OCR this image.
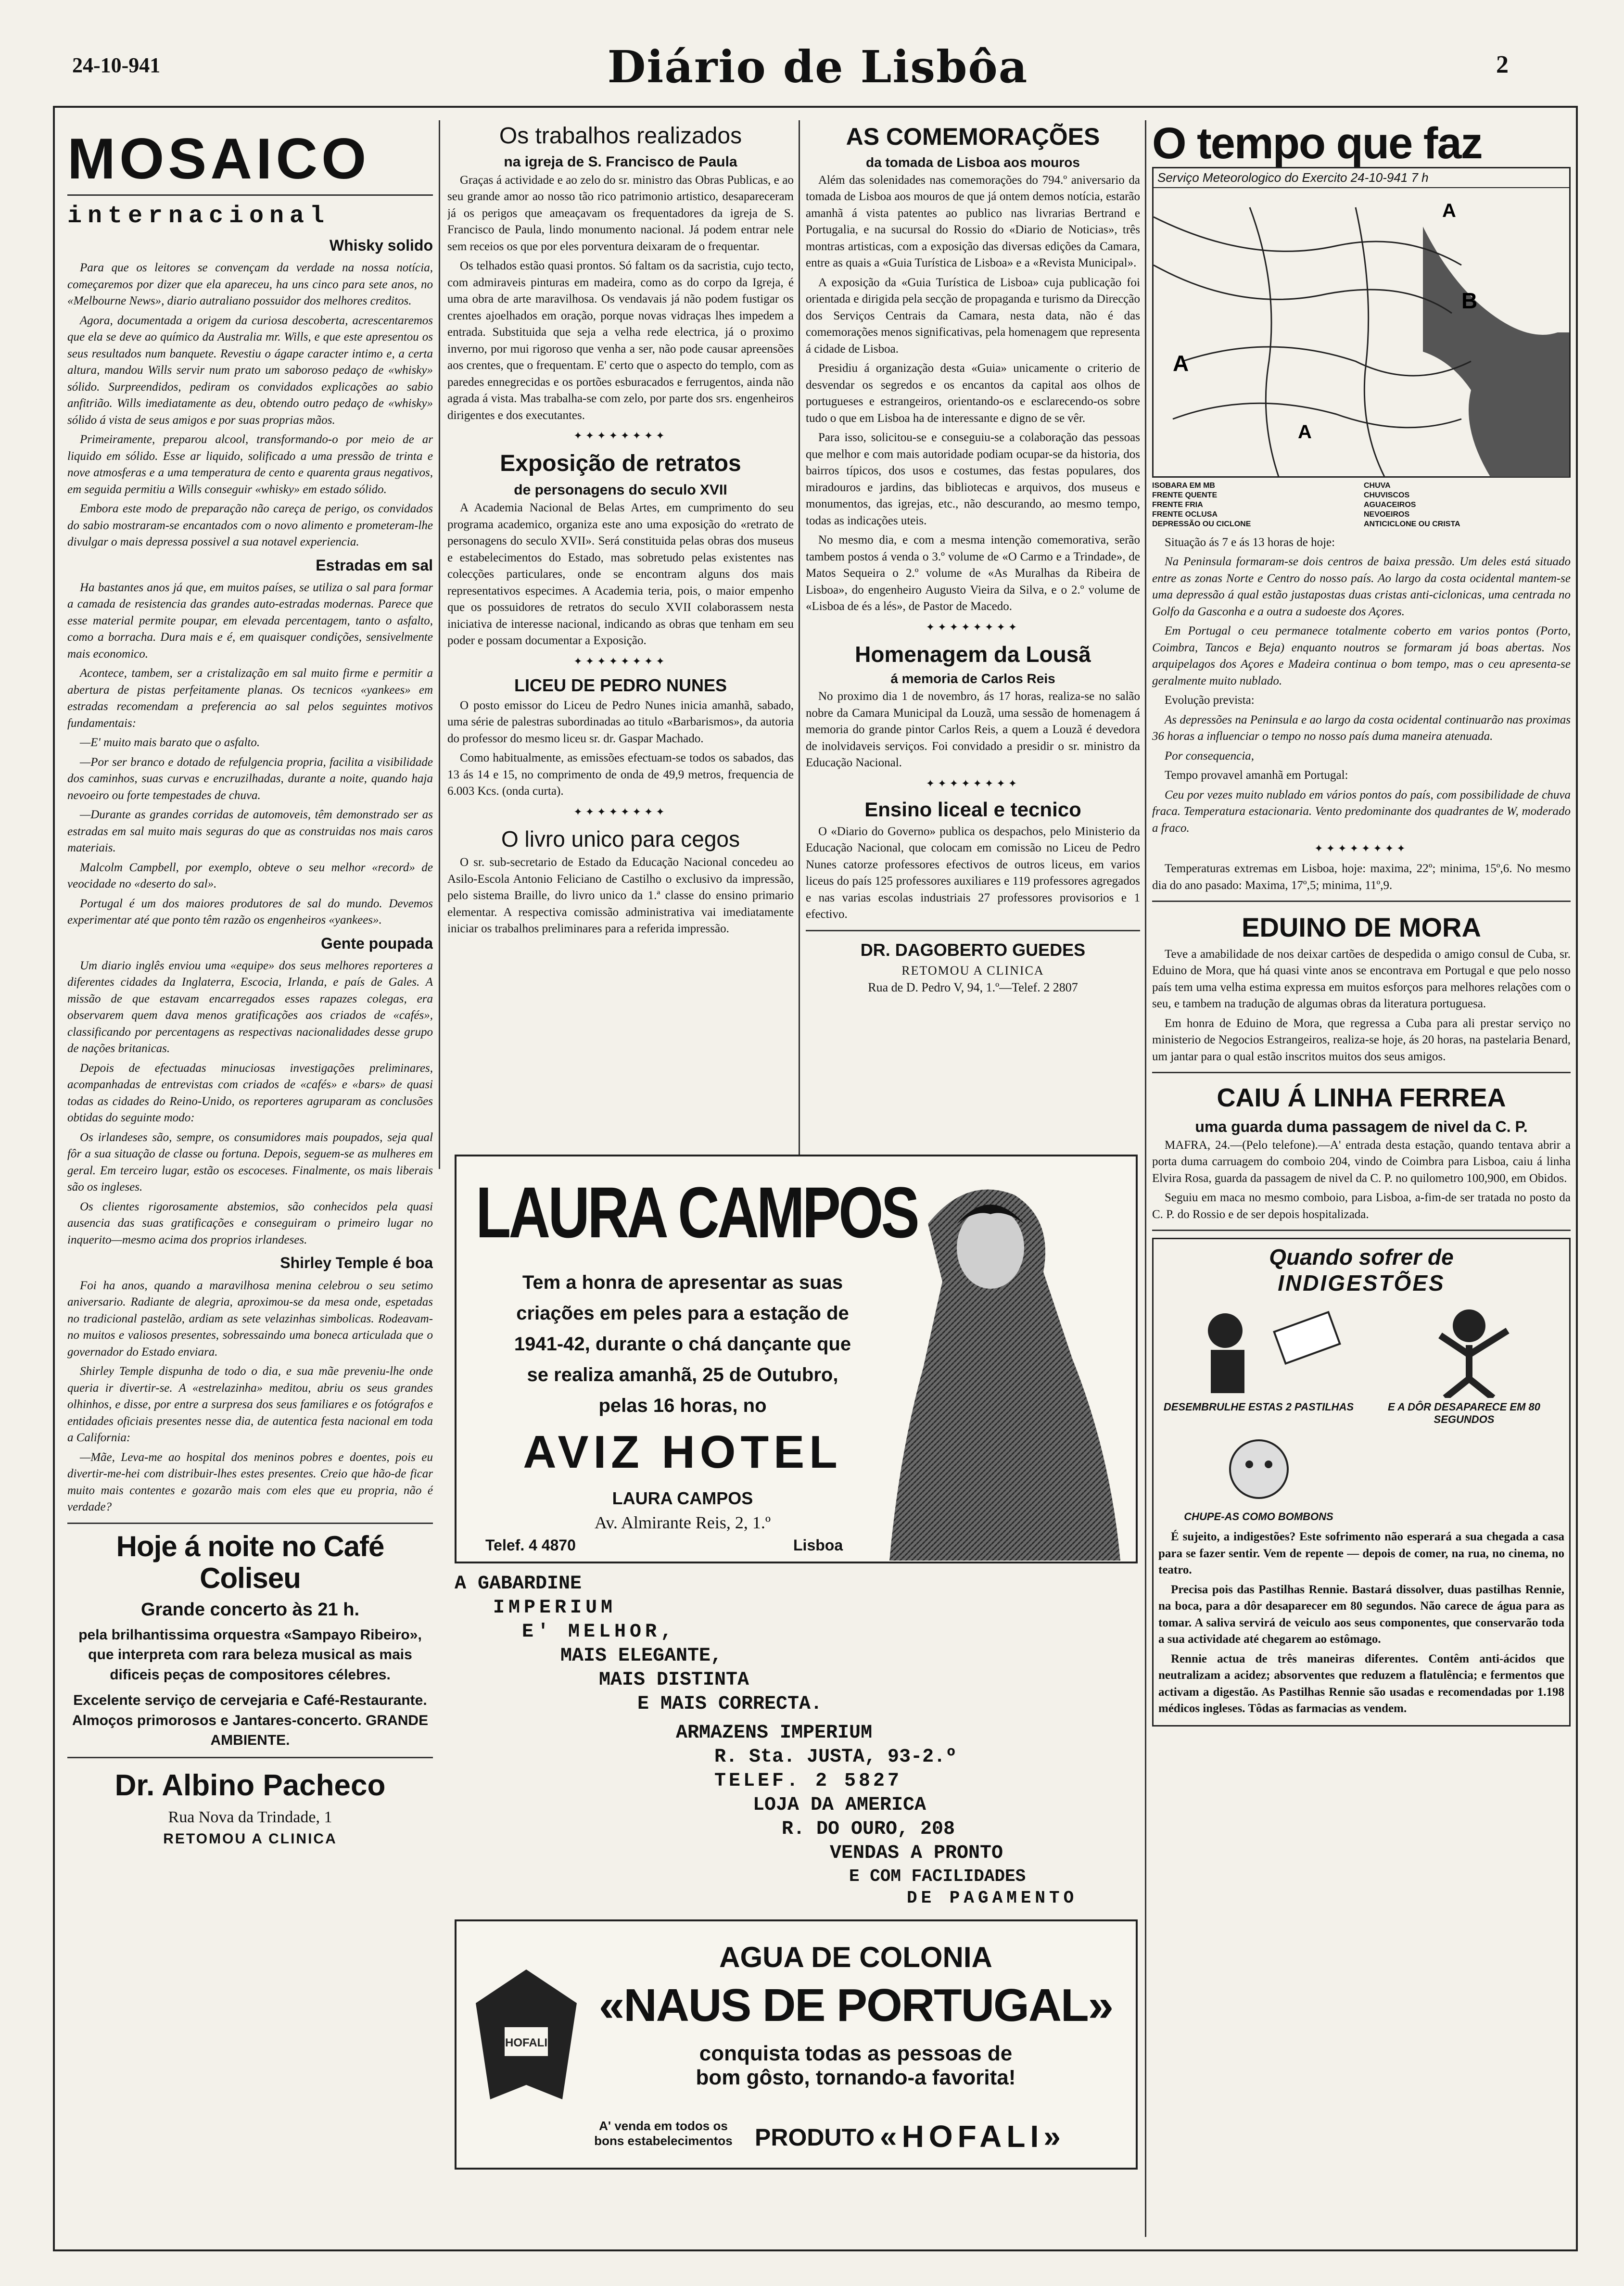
24-10-941	Diário de Lisbôa	2
MOSAICO
internacional
Whisky solido

Para que os leitores se convençam da verdade na nossa notícia, começaremos por dizer que ela apareceu, ha uns cinco para sete anos, no «Melbourne News», diario autraliano possuidor dos melhores creditos.

Agora, documentada a origem da curiosa descoberta, acrescentaremos que ela se deve ao químico da Australia mr. Wills, e que este apresentou os seus resultados num banquete. Revestiu o ágape caracter intimo e, a certa altura, mandou Wills servir num prato um saboroso pedaço de «whisky» sólido. Surpreendidos, pediram os convidados explicações ao sabio anfitrião. Wills imediatamente as deu, obtendo outro pedaço de «whisky» sólido á vista de seus amigos e por suas proprias mãos.

Primeiramente, preparou alcool, transformando-o por meio de ar liquido em sólido. Esse ar liquido, solificado a uma pressão de trinta e nove atmosferas e a uma temperatura de cento e quarenta graus negativos, em seguida permitiu a Wills conseguir «whisky» em estado sólido.

Embora este modo de preparação não careça de perigo, os convidados do sabio mostraram-se encantados com o novo alimento e prometeram-lhe divulgar o mais depressa possivel a sua notavel experiencia.

Estradas em sal

Ha bastantes anos já que, em muitos países, se utiliza o sal para formar a camada de resistencia das grandes auto-estradas modernas. Parece que esse material permite poupar, em elevada percentagem, tanto o asfalto, como a borracha. Dura mais e é, em quaisquer condições, sensivelmente mais economico.

Acontece, tambem, ser a cristalização em sal muito firme e permitir a abertura de pistas perfeitamente planas. Os tecnicos «yankees» em estradas recomendam a preferencia ao sal pelos seguintes motivos fundamentais:

—E' muito mais barato que o asfalto.

—Por ser branco e dotado de refulgencia propria, facilita a visibilidade dos caminhos, suas curvas e encruzilhadas, durante a noite, quando haja nevoeiro ou forte tempestades de chuva.

—Durante as grandes corridas de automoveis, têm demonstrado ser as estradas em sal muito mais seguras do que as construidas nos mais caros materiais.

Malcolm Campbell, por exemplo, obteve o seu melhor «record» de veocidade no «deserto do sal».

Portugal é um dos maiores produtores de sal do mundo. Devemos experimentar até que ponto têm razão os engenheiros «yankees».

Gente poupada

Um diario inglês enviou uma «equipe» dos seus melhores reporteres a diferentes cidades da Inglaterra, Escocia, Irlanda, e país de Gales. A missão de que estavam encarregados esses rapazes colegas, era observarem quem dava menos gratificações aos criados de «cafés», classificando por percentagens as respectivas nacionalidades desse grupo de nações britanicas.

Depois de efectuadas minuciosas investigações preliminares, acompanhadas de entrevistas com criados de «cafés» e «bars» de quasi todas as cidades do Reino-Unido, os reporteres agruparam as conclusões obtidas do seguinte modo:

Os irlandeses são, sempre, os consumidores mais poupados, seja qual fôr a sua situação de classe ou fortuna. Depois, seguem-se as mulheres em geral. Em terceiro lugar, estão os escoceses. Finalmente, os mais liberais são os ingleses.

Os clientes rigorosamente abstemios, são conhecidos pela quasi ausencia das suas gratificações e conseguiram o primeiro lugar no inquerito—mesmo acima dos proprios irlandeses.

Shirley Temple é boa

Foi ha anos, quando a maravilhosa menina celebrou o seu setimo aniversario. Radiante de alegria, aproximou-se da mesa onde, espetadas no tradicional pastelão, ardiam as sete velazinhas simbolicas. Rodeavam-no muitos e valiosos presentes, sobressaindo uma boneca articulada que o governador do Estado enviara.

Shirley Temple dispunha de todo o dia, e sua mãe preveniu-lhe onde queria ir divertir-se. A «estrelazinha» meditou, abriu os seus grandes olhinhos, e disse, por entre a surpresa dos seus familiares e os fotógrafos e entidades oficiais presentes nesse dia, de autentica festa nacional em toda a California:

—Mãe, Leva-me ao hospital dos meninos pobres e doentes, pois eu divertir-me-hei com distribuir-lhes estes presentes. Creio que hão-de ficar muito mais contentes e gozarão mais com eles que eu propria, não é verdade?

Hoje á noite no Café Coliseu
Grande concerto às 21 h.
pela brilhantissima orquestra «Sampayo Ribeiro», que interpreta com rara beleza musical as mais dificeis peças de compositores célebres.
Excelente serviço de cervejaria e Café-Restaurante. Almoços primorosos e Jantares-concerto. GRANDE AMBIENTE.
Dr. Albino Pacheco
Rua Nova da Trindade, 1
RETOMOU A CLINICA
Os trabalhos realizados
na igreja de S. Francisco de Paula

Graças á actividade e ao zelo do sr. ministro das Obras Publicas, e ao seu grande amor ao nosso tão rico patrimonio artistico, desapareceram já os perigos que ameaçavam os frequentadores da igreja de S. Francisco de Paula, lindo monumento nacional. Já podem entrar nele sem receios os que por eles porventura deixaram de o frequentar.

Os telhados estão quasi prontos. Só faltam os da sacristia, cujo tecto, com admiraveis pinturas em madeira, como as do corpo da Igreja, é uma obra de arte maravilhosa. Os vendavais já não podem fustigar os crentes ajoelhados em oração, porque novas vidraças lhes impedem a entrada. Substituida que seja a velha rede electrica, já o proximo inverno, por mui rigoroso que venha a ser, não pode causar apreensões aos crentes, que o frequentam. E' certo que o aspecto do templo, com as paredes ennegrecidas e os portões esburacados e ferrugentos, ainda não agrada á vista. Mas trabalha-se com zelo, por parte dos srs. engenheiros dirigentes e dos executantes.

✦✦✦✦✦✦✦✦
Exposição de retratos
de personagens do seculo XVII

A Academia Nacional de Belas Artes, em cumprimento do seu programa academico, organiza este ano uma exposição do «retrato de personagens do seculo XVII». Será constituida pelas obras dos museus e estabelecimentos do Estado, mas sobretudo pelas existentes nas colecções particulares, onde se encontram alguns dos mais representativos especimes. A Academia teria, pois, o maior empenho que os possuidores de retratos do seculo XVII colaborassem nesta iniciativa de interesse nacional, indicando as obras que tenham em seu poder e possam documentar a Exposição.

✦✦✦✦✦✦✦✦
LICEU DE PEDRO NUNES

O posto emissor do Liceu de Pedro Nunes inicia amanhã, sabado, uma série de palestras subordinadas ao titulo «Barbarismos», da autoria do professor do mesmo liceu sr. dr. Gaspar Machado.

Como habitualmente, as emissões efectuam-se todos os sabados, das 13 ás 14 e 15, no comprimento de onda de 49,9 metros, frequencia de 6.003 Kcs. (onda curta).

✦✦✦✦✦✦✦✦
O livro unico para cegos

O sr. sub-secretario de Estado da Educação Nacional concedeu ao Asilo-Escola Antonio Feliciano de Castilho o exclusivo da impressão, pelo sistema Braille, do livro unico da 1.ª classe do ensino primario elementar. A respectiva comissão administrativa vai imediatamente iniciar os trabalhos preliminares para a referida impressão.

AS COMEMORAÇÕES
da tomada de Lisboa aos mouros

Além das solenidades nas comemorações do 794.º aniversario da tomada de Lisboa aos mouros de que já ontem demos notícia, estarão amanhã á vista patentes ao publico nas livrarias Bertrand e Portugalia, e na sucursal do Rossio do «Diario de Noticias», três montras artisticas, com a exposição das diversas edições da Camara, entre as quais a «Guia Turística de Lisboa» e a «Revista Municipal».

A exposição da «Guia Turística de Lisboa» cuja publicação foi orientada e dirigida pela secção de propaganda e turismo da Direcção dos Serviços Centrais da Camara, nesta data, não é das comemorações menos significativas, pela homenagem que representa á cidade de Lisboa.

Presidiu á organização desta «Guia» unicamente o criterio de desvendar os segredos e os encantos da capital aos olhos de portugueses e estrangeiros, orientando-os e esclarecendo-os sobre tudo o que em Lisboa ha de interessante e digno de se vêr.

Para isso, solicitou-se e conseguiu-se a colaboração das pessoas que melhor e com mais autoridade podiam ocupar-se da historia, dos bairros típicos, dos usos e costumes, das festas populares, dos miradouros e jardins, das bibliotecas e arquivos, dos museus e monumentos, das igrejas, etc., não descurando, ao mesmo tempo, todas as indicações uteis.

No mesmo dia, e com a mesma intenção comemorativa, serão tambem postos á venda o 3.º volume de «O Carmo e a Trindade», de Matos Sequeira o 2.º volume de «As Muralhas da Ribeira de Lisboa», do engenheiro Augusto Vieira da Silva, e o 2.º volume de «Lisboa de és a lés», de Pastor de Macedo.

✦✦✦✦✦✦✦✦
Homenagem da Lousã
á memoria de Carlos Reis

No proximo dia 1 de novembro, ás 17 horas, realiza-se no salão nobre da Camara Municipal da Louzã, uma sessão de homenagem á memoria do grande pintor Carlos Reis, a quem a Louzã é devedora de inolvidaveis serviços. Foi convidado a presidir o sr. ministro da Educação Nacional.

✦✦✦✦✦✦✦✦
Ensino liceal e tecnico

O «Diario do Governo» publica os despachos, pelo Ministerio da Educação Nacional, que colocam em comissão no Liceu de Pedro Nunes catorze professores efectivos de outros liceus, em varios liceus do país 125 professores auxiliares e 119 professores agregados e nas varias escolas industriais 27 professores provisorios e 1 efectivo.

DR. DAGOBERTO GUEDES
RETOMOU A CLINICA
Rua de D. Pedro V, 94, 1.º—Telef. 2 2807
O tempo que faz
Serviço Meteorologico do Exercito 24-10-941 7 h
B
A
A
A
ISOBARA EM MB	CHUVA
FRENTE QUENTE	CHUVISCOS
FRENTE FRIA	AGUACEIROS
FRENTE OCLUSA	NEVOEIROS
DEPRESSÃO OU CICLONE	ANTICICLONE OU CRISTA

Situação ás 7 e ás 13 horas de hoje:

Na Peninsula formaram-se dois centros de baixa pressão. Um deles está situado entre as zonas Norte e Centro do nosso país. Ao largo da costa ocidental mantem-se uma depressão á qual estão justapostas duas cristas anti-ciclonicas, uma centrada no Golfo da Gasconha e a outra a sudoeste dos Açores.

Em Portugal o ceu permanece totalmente coberto em varios pontos (Porto, Coimbra, Tancos e Beja) enquanto noutros se formaram já boas abertas. Nos arquipelagos dos Açores e Madeira continua o bom tempo, mas o ceu apresenta-se geralmente muito nublado.

Evolução prevista:

As depressões na Peninsula e ao largo da costa ocidental continuarão nas proximas 36 horas a influenciar o tempo no nosso país duma maneira atenuada.

Por consequencia,

Tempo provavel amanhã em Portugal:

Ceu por vezes muito nublado em vários pontos do país, com possibilidade de chuva fraca. Temperatura estacionaria. Vento predominante dos quadrantes de W, moderado a fraco.

✦✦✦✦✦✦✦✦

Temperaturas extremas em Lisboa, hoje: maxima, 22º; minima, 15º,6. No mesmo dia do ano pasado: Maxima, 17º,5; minima, 11º,9.

EDUINO DE MORA

Teve a amabilidade de nos deixar cartões de despedida o amigo consul de Cuba, sr. Eduino de Mora, que há quasi vinte anos se encontrava em Portugal e que pelo nosso país tem uma velha estima expressa em muitos esforços para melhores relações com o seu, e tambem na tradução de algumas obras da literatura portuguesa.

Em honra de Eduino de Mora, que regressa a Cuba para ali prestar serviço no ministerio de Negocios Estrangeiros, realiza-se hoje, ás 20 horas, na pastelaria Benard, um jantar para o qual estão inscritos muitos dos seus amigos.

CAIU Á LINHA FERREA
uma guarda duma passagem de nivel da C. P.

MAFRA, 24.—(Pelo telefone).—A' entrada desta estação, quando tentava abrir a porta duma carruagem do comboio 204, vindo de Coimbra para Lisboa, caiu á linha Elvira Rosa, guarda da passagem de nivel da C. P. no quilometro 100,900, em Obidos.

Seguiu em maca no mesmo comboio, para Lisboa, a-fim-de ser tratada no posto da C. P. do Rossio e de ser depois hospitalizada.

Quando sofrer de
INDIGESTÕES
DESEMBRULHE ESTAS 2 PASTILHAS	E A DÔR DESAPARECE EM 80 SEGUNDOS
CHUPE-AS COMO BOMBONS

É sujeito, a indigestões? Este sofrimento não esperará a sua chegada a casa para se fazer sentir. Vem de repente — depois de comer, na rua, no cinema, no teatro.

Precisa pois das Pastilhas Rennie. Bastará dissolver, duas pastilhas Rennie, na boca, para a dôr desaparecer em 80 segundos. Não carece de água para as tomar. A saliva servirá de veiculo aos seus componentes, que conservarão toda a sua actividade até chegarem ao estômago.

Rennie actua de três maneiras diferentes. Contêm anti-ácidos que neutralizam a acidez; absorventes que reduzem a flatulência; e fermentos que activam a digestão. As Pastilhas Rennie são usadas e recomendadas por 1.198 médicos ingleses. Tôdas as farmacias as vendem.

LAURA CAMPOS
Tem a honra de apresentar as suas criações em peles para a estação de 1941-42, durante o chá dançante que se realiza amanhã, 25 de Outubro, pelas 16 horas, no
AVIZ HOTEL
LAURA CAMPOS
Av. Almirante Reis, 2, 1.º
Telef. 4 4870	Lisboa
A GABARDINE
IMPERIUM
E' MELHOR,
MAIS ELEGANTE,
MAIS DISTINTA
E MAIS CORRECTA.
ARMAZENS IMPERIUM
R. Sta. JUSTA, 93-2.º
TELEF. 2 5827
LOJA DA AMERICA
R. DO OURO, 208
VENDAS A PRONTO
E COM FACILIDADES
DE PAGAMENTO
HOFALI
AGUA DE COLONIA
«NAUS DE PORTUGAL»
conquista todas as pessoas de bom gôsto, tornando-a favorita!
A' venda em todos os bons estabelecimentos PRODUTO «HOFALI»
